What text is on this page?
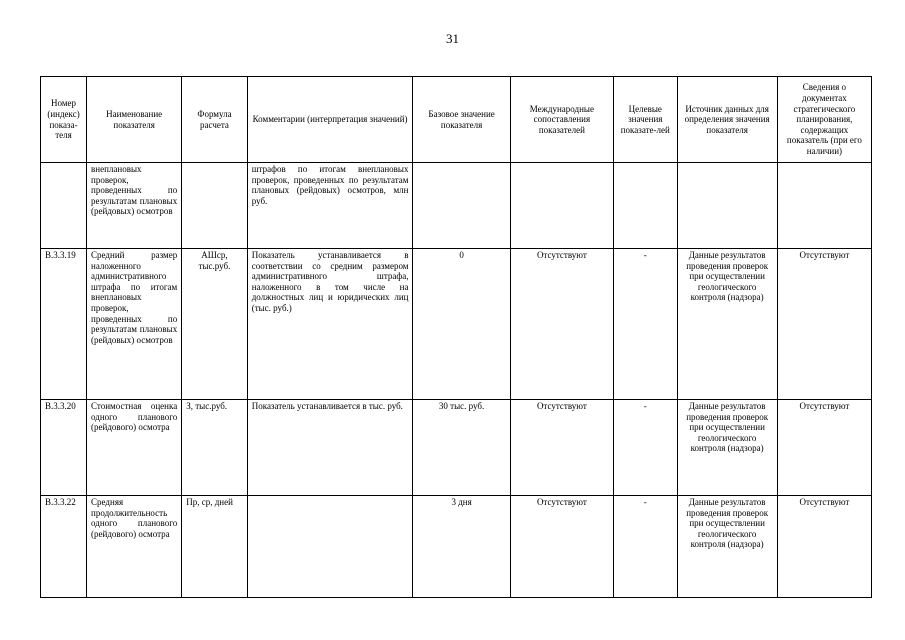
31
Номер (индекс) показа-теля	Наименование показателя	Формула расчета	Комментарии (интерпретация значений)	Базовое значение показателя	Международные сопоставления показателей	Целевые значения показате-лей	Источник данных для определения значения показателя	Сведения о документах стратегического планирования, содержащих показатель (при его наличии)
	внеплановых проверок, проведенных по результатам плановых (рейдовых) осмотров		штрафов по итогам внеплановых проверок, проведенных по результатам плановых (рейдовых) осмотров, млн руб.					
В.3.3.19	Средний размер наложенного административного штрафа по итогам внеплановых проверок, проведенных по результатам плановых (рейдовых) осмотров	АШср, тыс.руб.	Показатель устанавливается в соответствии со средним размером административного штрафа, наложенного в том числе на должностных лиц и юридических лиц (тыс. руб.)	0	Отсутствуют	-	Данные результатов проведения проверок при осуществлении геологического контроля (надзора)	Отсутствуют
В.3.3.20	Стоимостная оценка одного планового (рейдового) осмотра	З, тыс.руб.	Показатель устанавливается в тыс. руб.	30 тыс. руб.	Отсутствуют	-	Данные результатов проведения проверок при осуществлении геологического контроля (надзора)	Отсутствуют
В.3.3.22	Средняя продолжительность одного планового (рейдового) осмотра	Пр, ср, дней		3 дня	Отсутствуют	-	Данные результатов проведения проверок при осуществлении геологического контроля (надзора)	Отсутствуют
